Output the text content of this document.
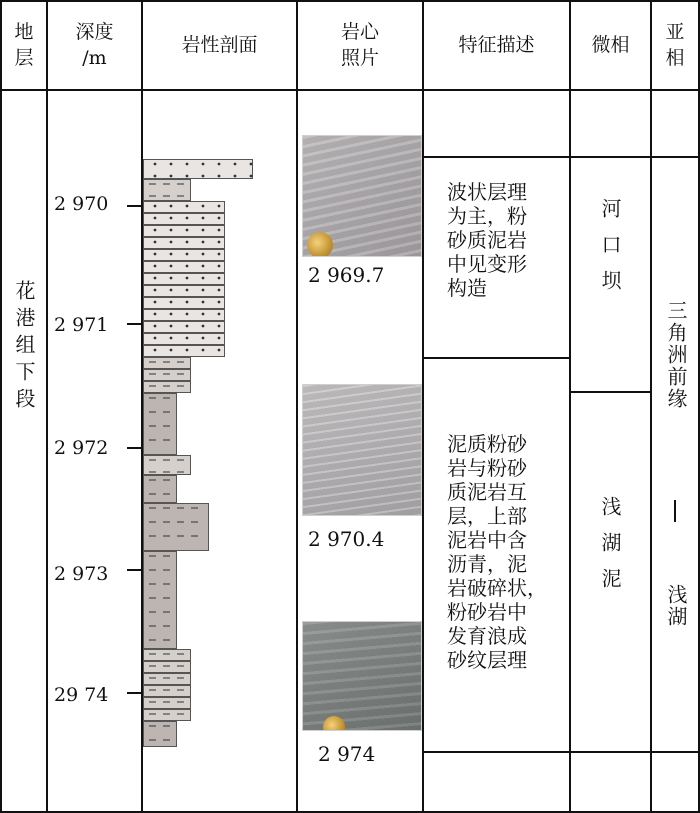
地层
深度
/m
岩性剖面
岩心
照片
特征描述	微相
亚
相
花港组下段
2 970
2 971
2 972
2 973
29 74
2 969.7
2 970.4
2 974
波状层理
为主，粉
砂质泥岩
中见变形
构造
泥质粉砂
岩与粉砂
质泥岩互
层，上部
泥岩中含
沥青，泥
岩破碎状，
粉砂岩中
发育浪成
砂纹层理
河口坝
浅湖泥
三角洲前缘
浅湖
